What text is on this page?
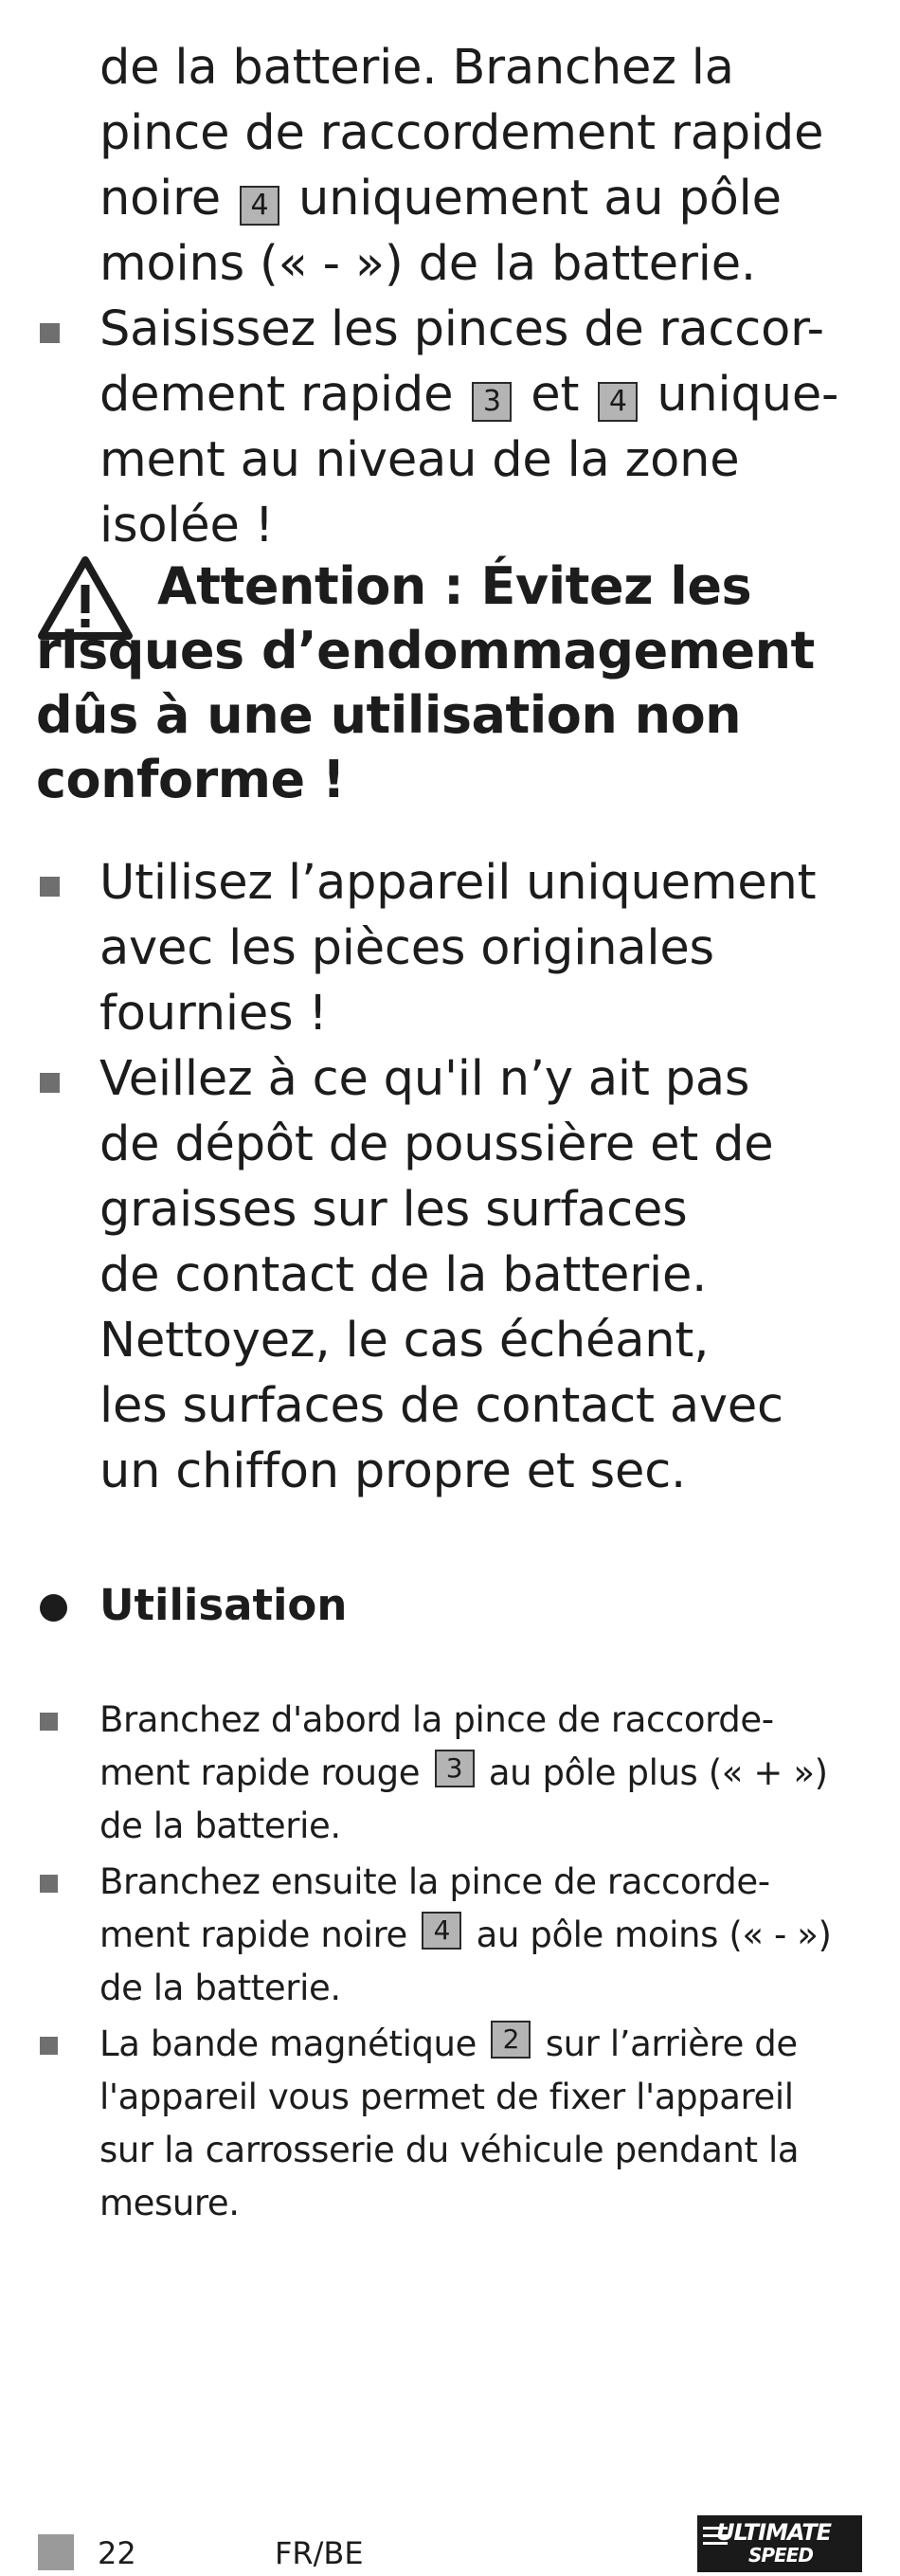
de la batterie. Branchez la
pince de raccordement rapide
noire 4 uniquement au pôle
moins (« - ») de la batterie.
Saisissez les pinces de raccor-
dement rapide 3 et 4 unique-
ment au niveau de la zone
isolée !
Attention : Évitez les
risques d’endommagement
dûs à une utilisation non
conforme !
Utilisez l’appareil uniquement
avec les pièces originales
fournies !
Veillez à ce qu'il n’y ait pas
de dépôt de poussière et de
graisses sur les surfaces
de contact de la batterie.
Nettoyez, le cas échéant,
les surfaces de contact avec
un chiffon propre et sec.
Utilisation
Branchez d'abord la pince de raccorde-
ment rapide rouge 3 au pôle plus (« + »)
de la batterie.
Branchez ensuite la pince de raccorde-
ment rapide noire 4 au pôle moins (« - »)
de la batterie.
La bande magnétique 2 sur l’arrière de
l'appareil vous permet de fixer l'appareil
sur la carrosserie du véhicule pendant la
mesure.
22	FR/BE
ULTIMATE
SPEED
